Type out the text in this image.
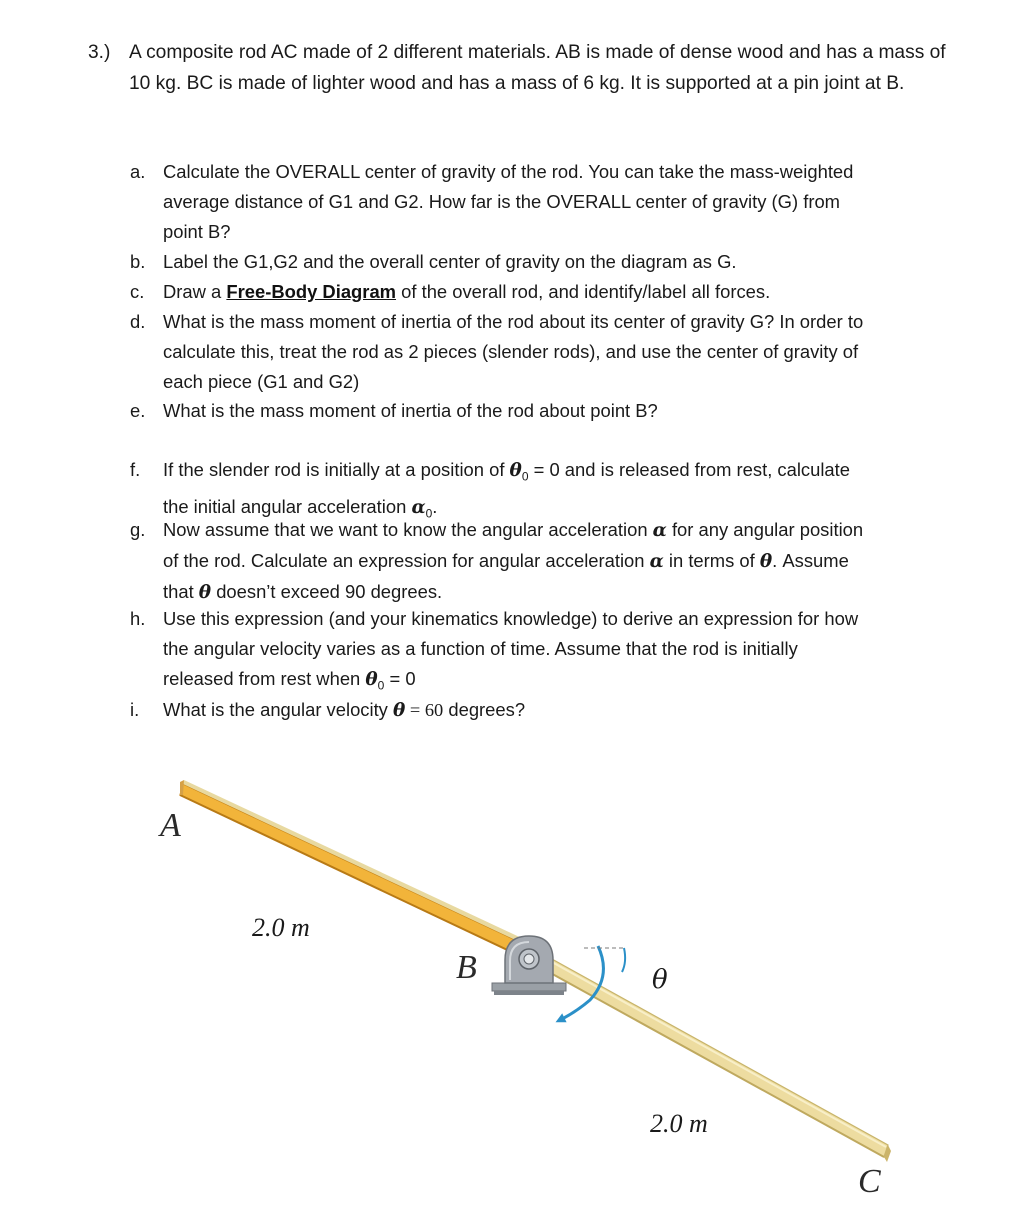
3.) A composite rod AC made of 2 different materials. AB is made of dense wood and has a mass of 10 kg. BC is made of lighter wood and has a mass of 6 kg. It is supported at a pin joint at B.
a. Calculate the OVERALL center of gravity of the rod. You can take the mass-weighted average distance of G1 and G2. How far is the OVERALL center of gravity (G) from point B?
b. Label the G1,G2 and the overall center of gravity on the diagram as G.
c.	Draw a Free-Body Diagram of the overall rod, and identify/label all forces.
d. What is the mass moment of inertia of the rod about its center of gravity G? In order to calculate this, treat the rod as 2 pieces (slender rods), and use the center of gravity of each piece (G1 and G2)
e. What is the mass moment of inertia of the rod about point B?
f.	If the slender rod is initially at a position of $\theta_0 = 0$ and is released from rest, calculate the initial angular acceleration $\alpha_0$.
g. Now assume that we want to know the angular acceleration α for any angular position of the rod. Calculate an expression for angular acceleration α in terms of θ. Assume that θ doesn’t exceed 90 degrees.
h. Use this expression (and your kinematics knowledge) to derive an expression for how the angular velocity varies as a function of time. Assume that the rod is initially released from rest when $\theta_0 = 0$
i.	What is the angular velocity θ = 60 degrees?
A
B
C
2.0 m
2.0 m
θ
